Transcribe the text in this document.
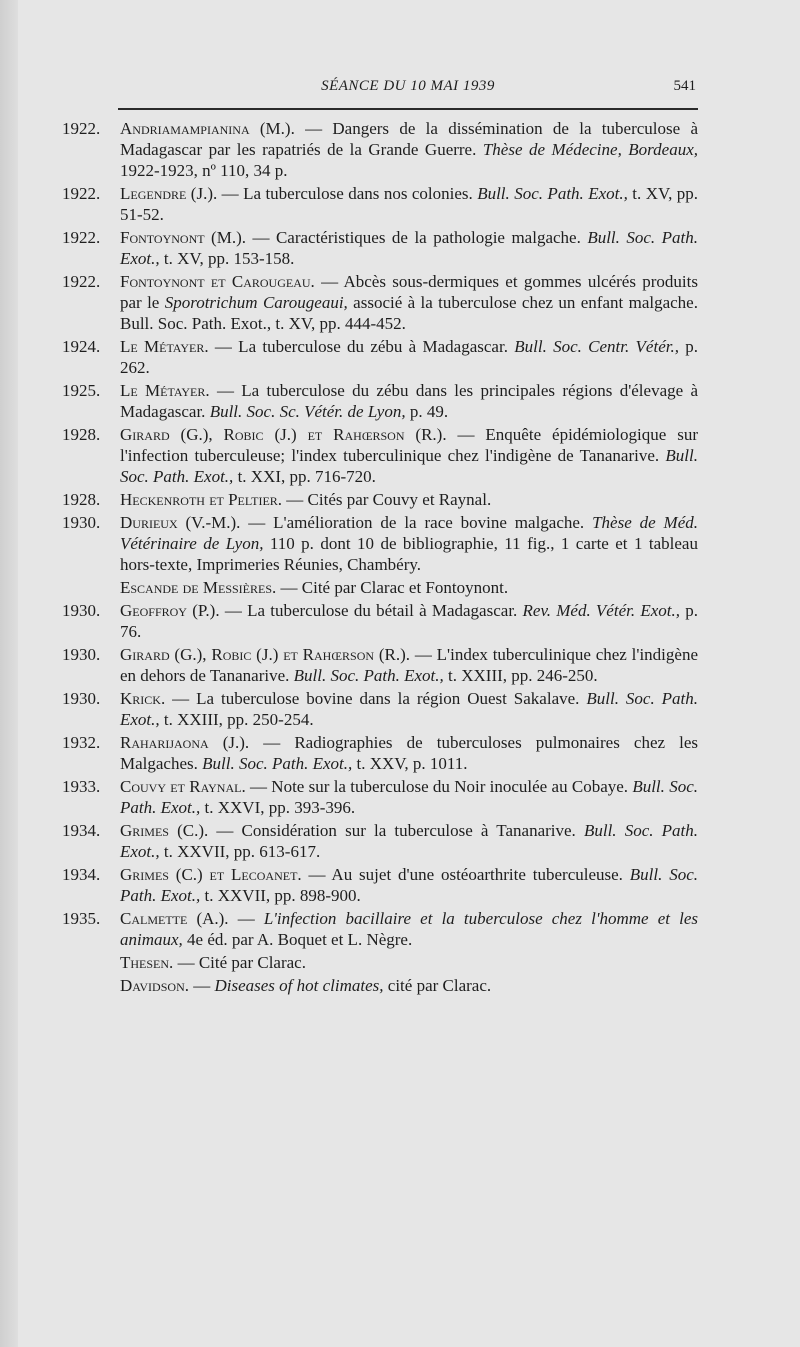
SÉANCE DU 10 MAI 1939	541
1922.	Andriamampianina (M.). — Dangers de la dissémination de la tuberculose à Madagascar par les rapatriés de la Grande Guerre. Thèse de Médecine, Bordeaux, 1922-1923, nº 110, 34 p.
1922.	Legendre (J.). — La tuberculose dans nos colonies. Bull. Soc. Path. Exot., t. XV, pp. 51-52.
1922.	Fontoynont (M.). — Caractéristiques de la pathologie malgache. Bull. Soc. Path. Exot., t. XV, pp. 153-158.
1922.	Fontoynont et Carougeau. — Abcès sous-dermiques et gommes ulcérés produits par le Sporotrichum Carougeaui, associé à la tuberculose chez un enfant malgache. Bull. Soc. Path. Exot., t. XV, pp. 444-452.
1924.	Le Métayer. — La tuberculose du zébu à Madagascar. Bull. Soc. Centr. Vétér., p. 262.
1925.	Le Métayer. — La tuberculose du zébu dans les principales régions d'élevage à Madagascar. Bull. Soc. Sc. Vétér. de Lyon, p. 49.
1928.	Girard (G.), Robic (J.) et Rahœrson (R.). — Enquête épidémiologique sur l'infection tuberculeuse; l'index tuberculinique chez l'indigène de Tananarive. Bull. Soc. Path. Exot., t. XXI, pp. 716-720.
1928.	Heckenroth et Peltier. — Cités par Couvy et Raynal.
1930.	Durieux (V.-M.). — L'amélioration de la race bovine malgache. Thèse de Méd. Vétérinaire de Lyon, 110 p. dont 10 de bibliographie, 11 fig., 1 carte et 1 tableau hors-texte, Imprimeries Réunies, Chambéry.
Escande de Messières. — Cité par Clarac et Fontoynont.
1930.	Geoffroy (P.). — La tuberculose du bétail à Madagascar. Rev. Méd. Vétér. Exot., p. 76.
1930.	Girard (G.), Robic (J.) et Rahœrson (R.). — L'index tuberculinique chez l'indigène en dehors de Tananarive. Bull. Soc. Path. Exot., t. XXIII, pp. 246-250.
1930.	Krick. — La tuberculose bovine dans la région Ouest Sakalave. Bull. Soc. Path. Exot., t. XXIII, pp. 250-254.
1932.	Raharijaona (J.). — Radiographies de tuberculoses pulmonaires chez les Malgaches. Bull. Soc. Path. Exot., t. XXV, p. 1011.
1933.	Couvy et Raynal. — Note sur la tuberculose du Noir inoculée au Cobaye. Bull. Soc. Path. Exot., t. XXVI, pp. 393-396.
1934.	Grimes (C.). — Considération sur la tuberculose à Tananarive. Bull. Soc. Path. Exot., t. XXVII, pp. 613-617.
1934.	Grimes (C.) et Lecoanet. — Au sujet d'une ostéoarthrite tuberculeuse. Bull. Soc. Path. Exot., t. XXVII, pp. 898-900.
1935.	Calmette (A.). — L'infection bacillaire et la tuberculose chez l'homme et les animaux, 4e éd. par A. Boquet et L. Nègre.
Thesen. — Cité par Clarac.
Davidson. — Diseases of hot climates, cité par Clarac.
